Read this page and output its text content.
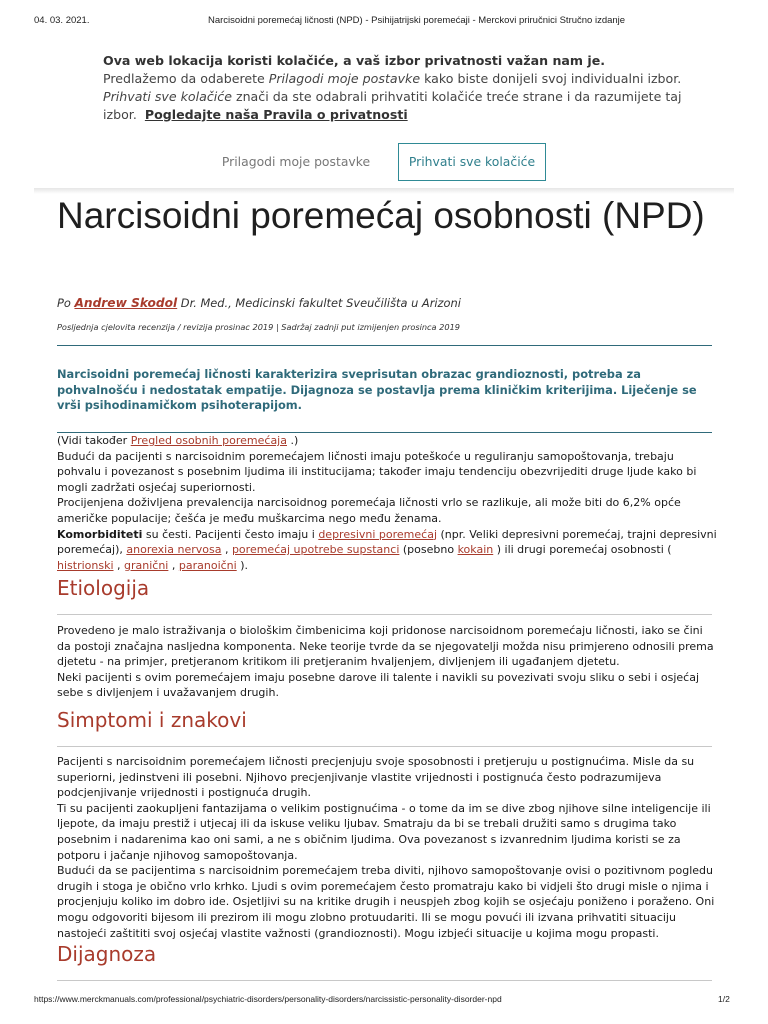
04. 03. 2021.	Narcisoidni poremećaj ličnosti (NPD) - Psihijatrijski poremećaji - Merckovi priručnici Stručno izdanje
Ova web lokacija koristi kolačiće, a vaš izbor privatnosti važan nam je.
Predlažemo da odaberete Prilagodi moje postavke kako biste donijeli svoj individualni izbor. Prihvati sve kolačiće znači da ste odabrali prihvatiti kolačiće treće strane i da razumijete taj izbor. Pogledajte naša Pravila o privatnosti
Prilagodi moje postavke	Prihvati sve kolačiće
Narcisoidni poremećaj osobnosti (NPD)
Po Andrew Skodol Dr. Med., Medicinski fakultet Sveučilišta u Arizoni
Posljednja cjelovita recenzija / revizija prosinac 2019 | Sadržaj zadnji put izmijenjen prosinca 2019
Narcisoidni poremećaj ličnosti karakterizira sveprisutan obrazac grandioznosti, potreba za pohvalnošću i nedostatak empatije. Dijagnoza se postavlja prema kliničkim kriterijima. Liječenje se vrši psihodinamičkom psihoterapijom.

(Vidi također Pregled osobnih poremećaja .)

Budući da pacijenti s narcisoidnim poremećajem ličnosti imaju poteškoće u reguliranju samopoštovanja, trebaju pohvalu i povezanost s posebnim ljudima ili institucijama; također imaju tendenciju obezvrijediti druge ljude kako bi mogli zadržati osjećaj superiornosti.

Procijenjena doživljena prevalencija narcisoidnog poremećaja ličnosti vrlo se razlikuje, ali može biti do 6,2% opće američke populacije; češća je među muškarcima nego među ženama.

Komorbiditeti su česti. Pacijenti često imaju i depresivni poremećaj (npr. Veliki depresivni poremećaj, trajni depresivni poremećaj), anorexia nervosa , poremećaj upotrebe supstanci (posebno kokain ) ili drugi poremećaj osobnosti ( histrionski , granični , paranoični ).

Etiologija

Provedeno je malo istraživanja o biološkim čimbenicima koji pridonose narcisoidnom poremećaju ličnosti, iako se čini da postoji značajna nasljedna komponenta. Neke teorije tvrde da se njegovatelji možda nisu primjereno odnosili prema djetetu - na primjer, pretjeranom kritikom ili pretjeranim hvaljenjem, divljenjem ili ugađanjem djetetu.

Neki pacijenti s ovim poremećajem imaju posebne darove ili talente i navikli su povezivati svoju sliku o sebi i osjećaj sebe s divljenjem i uvažavanjem drugih.

Simptomi i znakovi

Pacijenti s narcisoidnim poremećajem ličnosti precjenjuju svoje sposobnosti i pretjeruju u postignućima. Misle da su superiorni, jedinstveni ili posebni. Njihovo precjenjivanje vlastite vrijednosti i postignuća često podrazumijeva podcjenjivanje vrijednosti i postignuća drugih.

Ti su pacijenti zaokupljeni fantazijama o velikim postignućima - o tome da im se dive zbog njihove silne inteligencije ili ljepote, da imaju prestiž i utjecaj ili da iskuse veliku ljubav. Smatraju da bi se trebali družiti samo s drugima tako posebnim i nadarenima kao oni sami, a ne s običnim ljudima. Ova povezanost s izvanrednim ljudima koristi se za potporu i jačanje njihovog samopoštovanja.

Budući da se pacijentima s narcisoidnim poremećajem treba diviti, njihovo samopoštovanje ovisi o pozitivnom pogledu drugih i stoga je obično vrlo krhko. Ljudi s ovim poremećajem često promatraju kako bi vidjeli što drugi misle o njima i procjenjuju koliko im dobro ide. Osjetljivi su na kritike drugih i neuspjeh zbog kojih se osjećaju poniženo i poraženo. Oni mogu odgovoriti bijesom ili prezirom ili mogu zlobno protuudariti. Ili se mogu povući ili izvana prihvatiti situaciju nastojeći zaštititi svoj osjećaj vlastite važnosti (grandioznosti). Mogu izbjeći situacije u kojima mogu propasti.

Dijagnoza
https://www.merckmanuals.com/professional/psychiatric-disorders/personality-disorders/narcissistic-personality-disorder-npd	1/2
